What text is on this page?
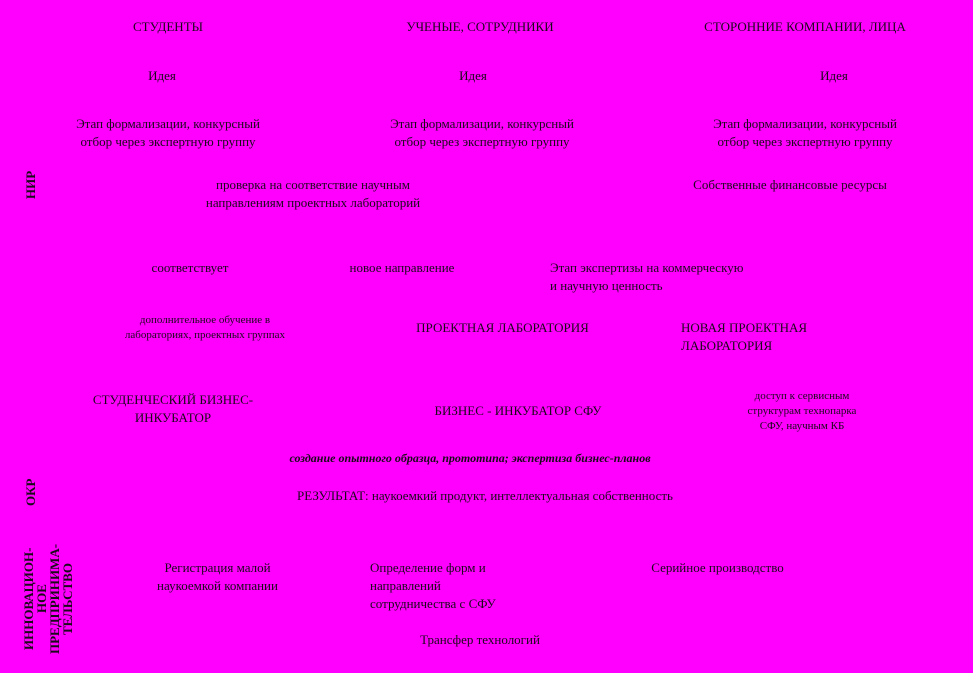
СТУДЕНТЫ	УЧЕНЫЕ, СОТРУДНИКИ	СТОРОННИЕ КОМПАНИИ, ЛИЦА
Идея	Идея	Идея
Этап формализации, конкурсный
отбор через экспертную группу
Этап формализации, конкурсный
отбор через экспертную группу
Этап формализации, конкурсный
отбор через экспертную группу
проверка на соответствие научным
направлениям проектных лабораторий
Собственные финансовые ресурсы
соответствует	новое направление	Этап экспертизы на коммерческую
и научную ценность
дополнительное обучение в
лабораториях, проектных группах	ПРОЕКТНАЯ ЛАБОРАТОРИЯ	НОВАЯ ПРОЕКТНАЯ
ЛАБОРАТОРИЯ
СТУДЕНЧЕСКИЙ БИЗНЕС-
ИНКУБАТОР	БИЗНЕС - ИНКУБАТОР СФУ
доступ к сервисным
структурам технопарка
СФУ, научным КБ
создание опытного образца, прототипа; экспертиза бизнес-планов
РЕЗУЛЬТАТ: наукоемкий продукт, интеллектуальная собственность
Регистрация малой
наукоемкой компании
Определение форм и
направлений
сотрудничества с СФУ
Серийное производство
Трансфер технологий
НИР
ОКР
ИННОВАЦИОН-
НОЕ
ПРЕДПРИНИМА-
ТЕЛЬСТВО
